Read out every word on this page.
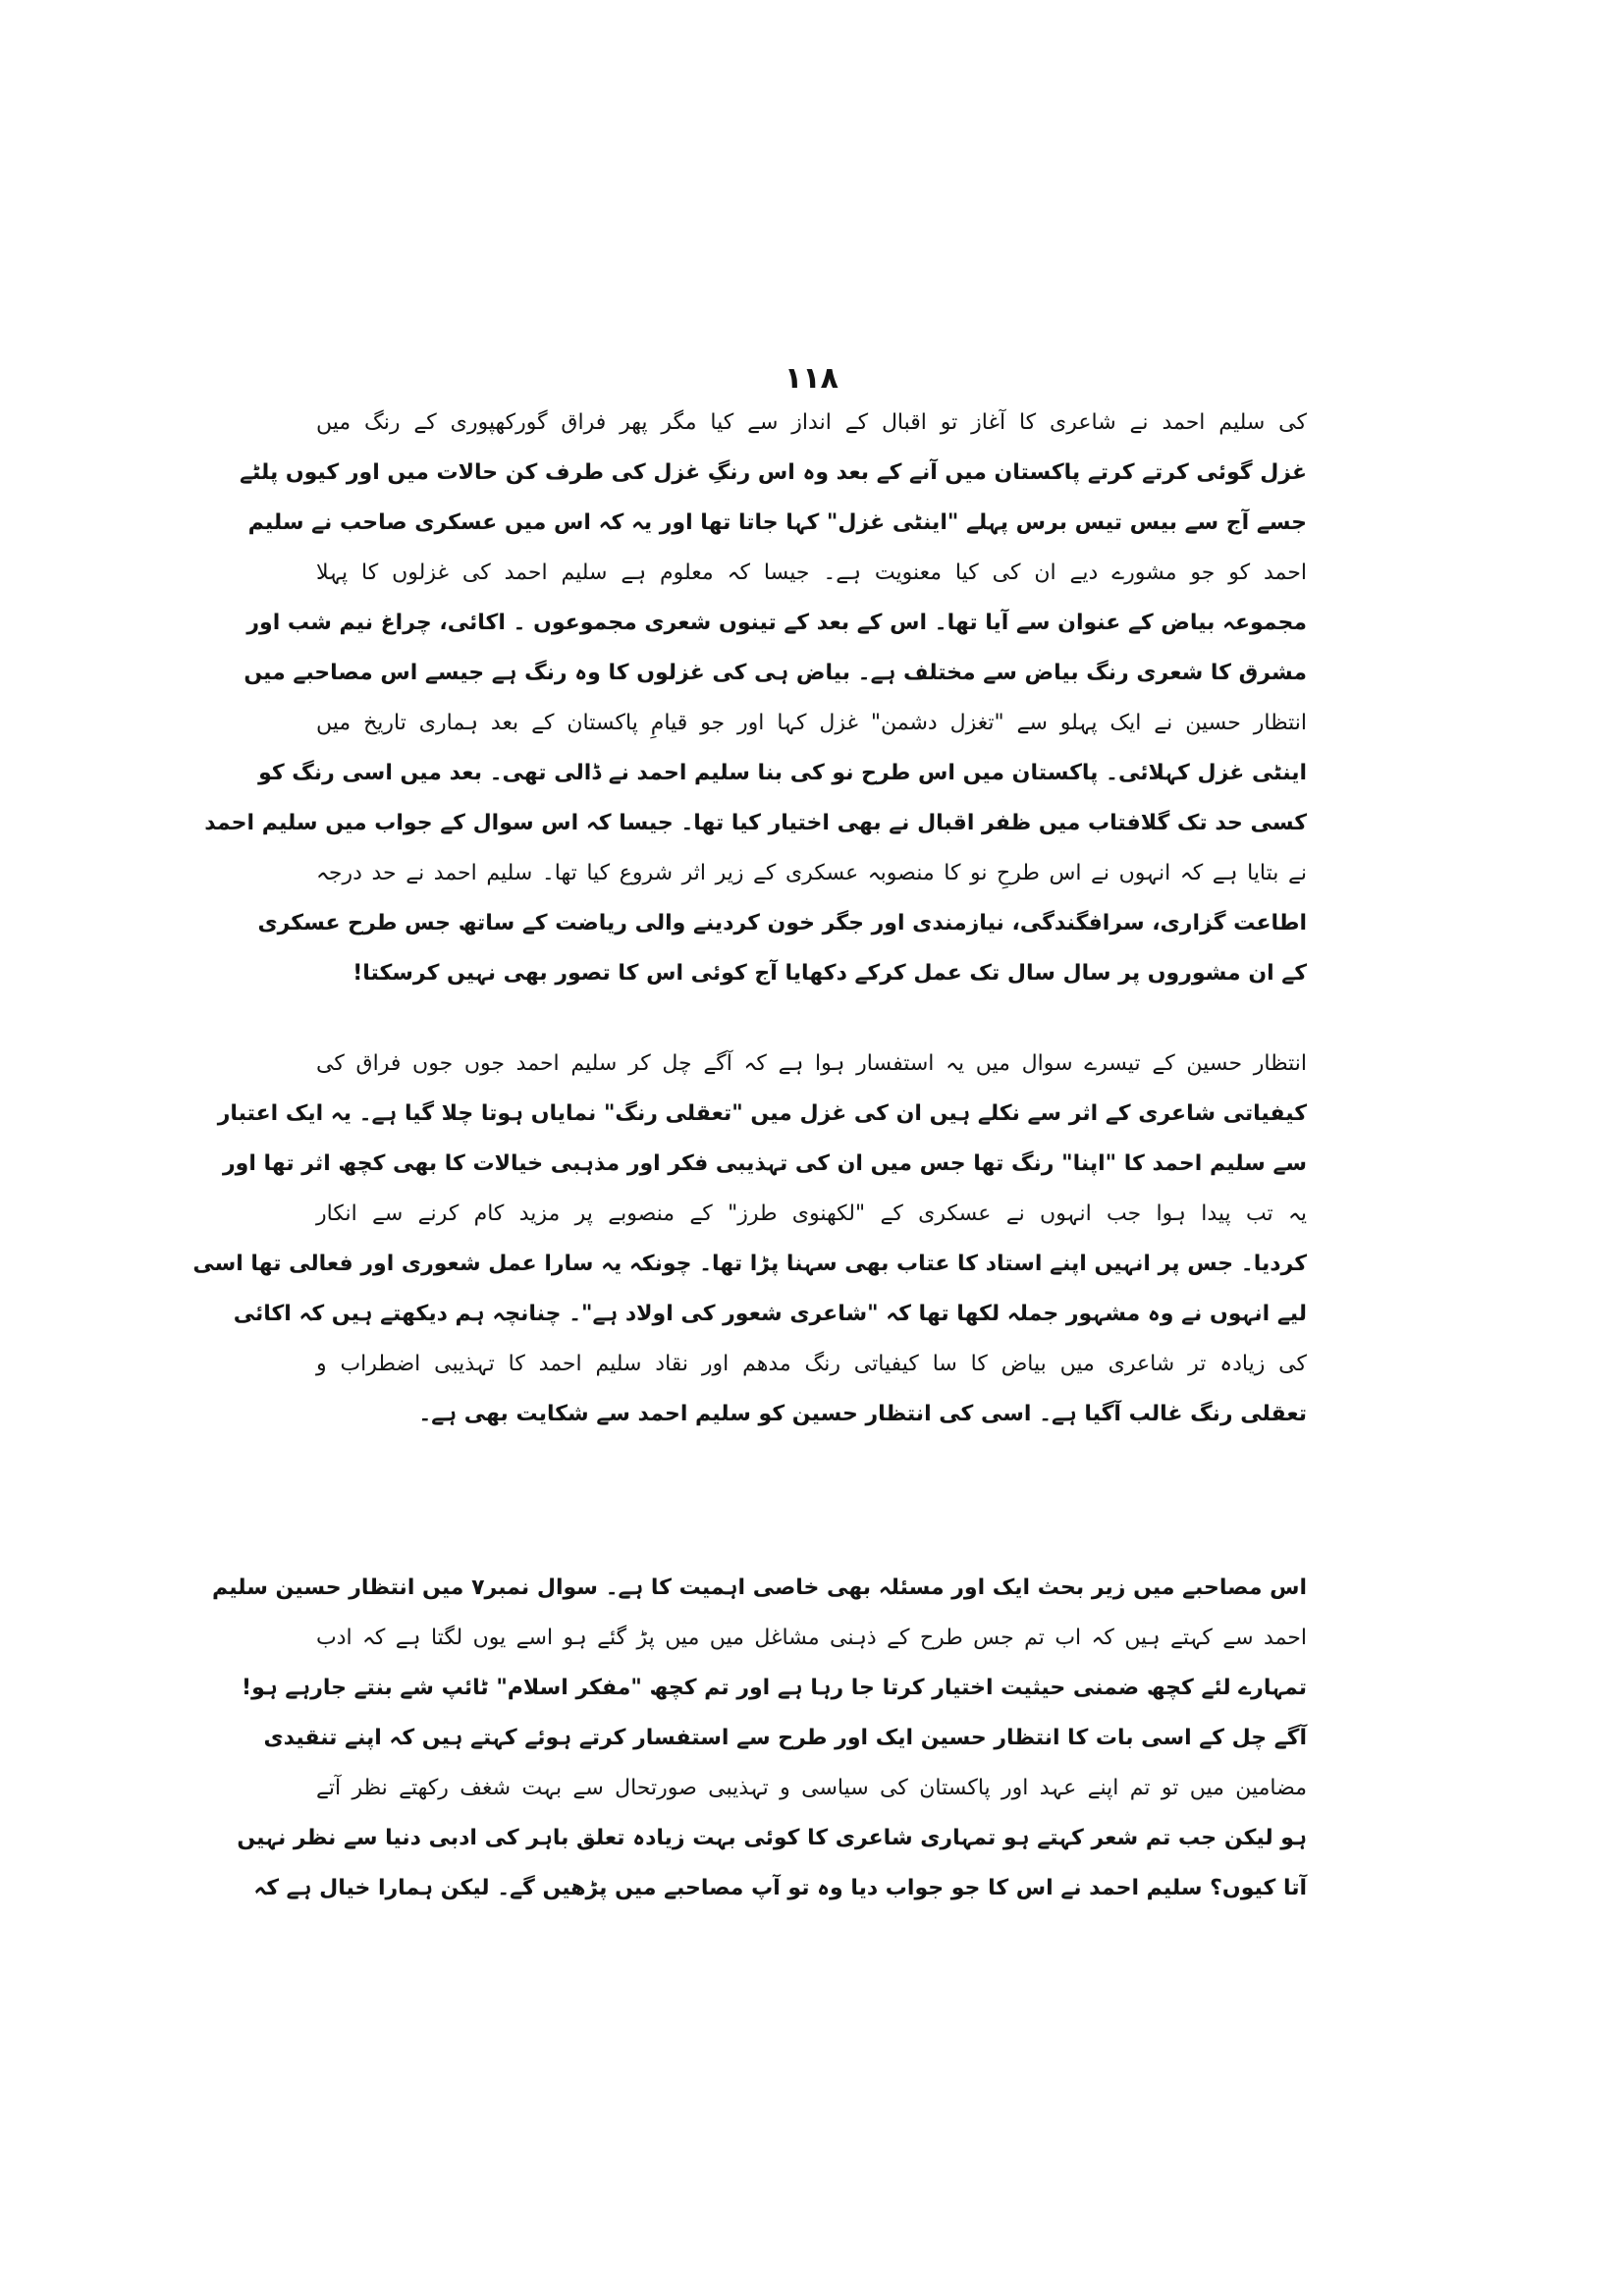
۱۱۸
کی سلیم احمد نے شاعری کا آغاز تو اقبال کے انداز سے کیا مگر پھر فراق گورکھپوری کے رنگ میں
غزل گوئی کرتے کرتے پاکستان میں آنے کے بعد وہ اس رنگِ غزل کی طرف کن حالات میں اور کیوں پلٹے
جسے آج سے بیس تیس برس پہلے "اینٹی غزل" کہا جاتا تھا اور یہ کہ اس میں عسکری صاحب نے سلیم
احمد کو جو مشورے دیے ان کی کیا معنویت ہے۔ جیسا کہ معلوم ہے سلیم احمد کی غزلوں کا پہلا
مجموعہ بیاض کے عنوان سے آیا تھا۔ اس کے بعد کے تینوں شعری مجموعوں ۔ اکائی، چراغ نیم شب اور
مشرق کا شعری رنگ بیاض سے مختلف ہے۔ بیاض ہی کی غزلوں کا وہ رنگ ہے جیسے اس مصاحبے میں
انتظار حسین نے ایک پہلو سے "تغزل دشمن" غزل کہا اور جو قیامِ پاکستان کے بعد ہماری تاریخ میں
اینٹی غزل کہلائی۔ پاکستان میں اس طرح نو کی بنا سلیم احمد نے ڈالی تھی۔ بعد میں اسی رنگ کو
کسی حد تک گلافتاب میں ظفر اقبال نے بھی اختیار کیا تھا۔ جیسا کہ اس سوال کے جواب میں سلیم احمد
نے بتایا ہے کہ انہوں نے اس طرحِ نو کا منصوبہ عسکری کے زیر اثر شروع کیا تھا۔ سلیم احمد نے حد درجہ
اطاعت گزاری، سرافگندگی، نیازمندی اور جگر خون کردینے والی ریاضت کے ساتھ جس طرح عسکری
کے ان مشوروں پر سال سال تک عمل کرکے دکھایا آج کوئی اس کا تصور بھی نہیں کرسکتا!
انتظار حسین کے تیسرے سوال میں یہ استفسار ہوا ہے کہ آگے چل کر سلیم احمد جوں جوں فراق کی
کیفیاتی شاعری کے اثر سے نکلے ہیں ان کی غزل میں "تعقلی رنگ" نمایاں ہوتا چلا گیا ہے۔ یہ ایک اعتبار
سے سلیم احمد کا "اپنا" رنگ تھا جس میں ان کی تہذیبی فکر اور مذہبی خیالات کا بھی کچھ اثر تھا اور
یہ تب پیدا ہوا جب انہوں نے عسکری کے "لکھنوی طرز" کے منصوبے پر مزید کام کرنے سے انکار
کردیا۔ جس پر انہیں اپنے استاد کا عتاب بھی سہنا پڑا تھا۔ چونکہ یہ سارا عمل شعوری اور فعالی تھا اسی
لیے انہوں نے وہ مشہور جملہ لکھا تھا کہ "شاعری شعور کی اولاد ہے"۔ چنانچہ ہم دیکھتے ہیں کہ اکائی
کی زیادہ تر شاعری میں بیاض کا سا کیفیاتی رنگ مدھم اور نقاد سلیم احمد کا تہذیبی اضطراب و
تعقلی رنگ غالب آگیا ہے۔ اسی کی انتظار حسین کو سلیم احمد سے شکایت بھی ہے۔
اس مصاحبے میں زیر بحث ایک اور مسئلہ بھی خاصی اہمیت کا ہے۔ سوال نمبر۷ میں انتظار حسین سلیم
احمد سے کہتے ہیں کہ اب تم جس طرح کے ذہنی مشاغل میں میں پڑ گئے ہو اسے یوں لگتا ہے کہ ادب
تمہارے لئے کچھ ضمنی حیثیت اختیار کرتا جا رہا ہے اور تم کچھ "مفکر اسلام" ٹائپ شے بنتے جارہے ہو!
آگے چل کے اسی بات کا انتظار حسین ایک اور طرح سے استفسار کرتے ہوئے کہتے ہیں کہ اپنے تنقیدی
مضامین میں تو تم اپنے عہد اور پاکستان کی سیاسی و تہذیبی صورتحال سے بہت شغف رکھتے نظر آتے
ہو لیکن جب تم شعر کہتے ہو تمہاری شاعری کا کوئی بہت زیادہ تعلق باہر کی ادبی دنیا سے نظر نہیں
آتا کیوں؟ سلیم احمد نے اس کا جو جواب دیا وہ تو آپ مصاحبے میں پڑھیں گے۔ لیکن ہمارا خیال ہے کہ
